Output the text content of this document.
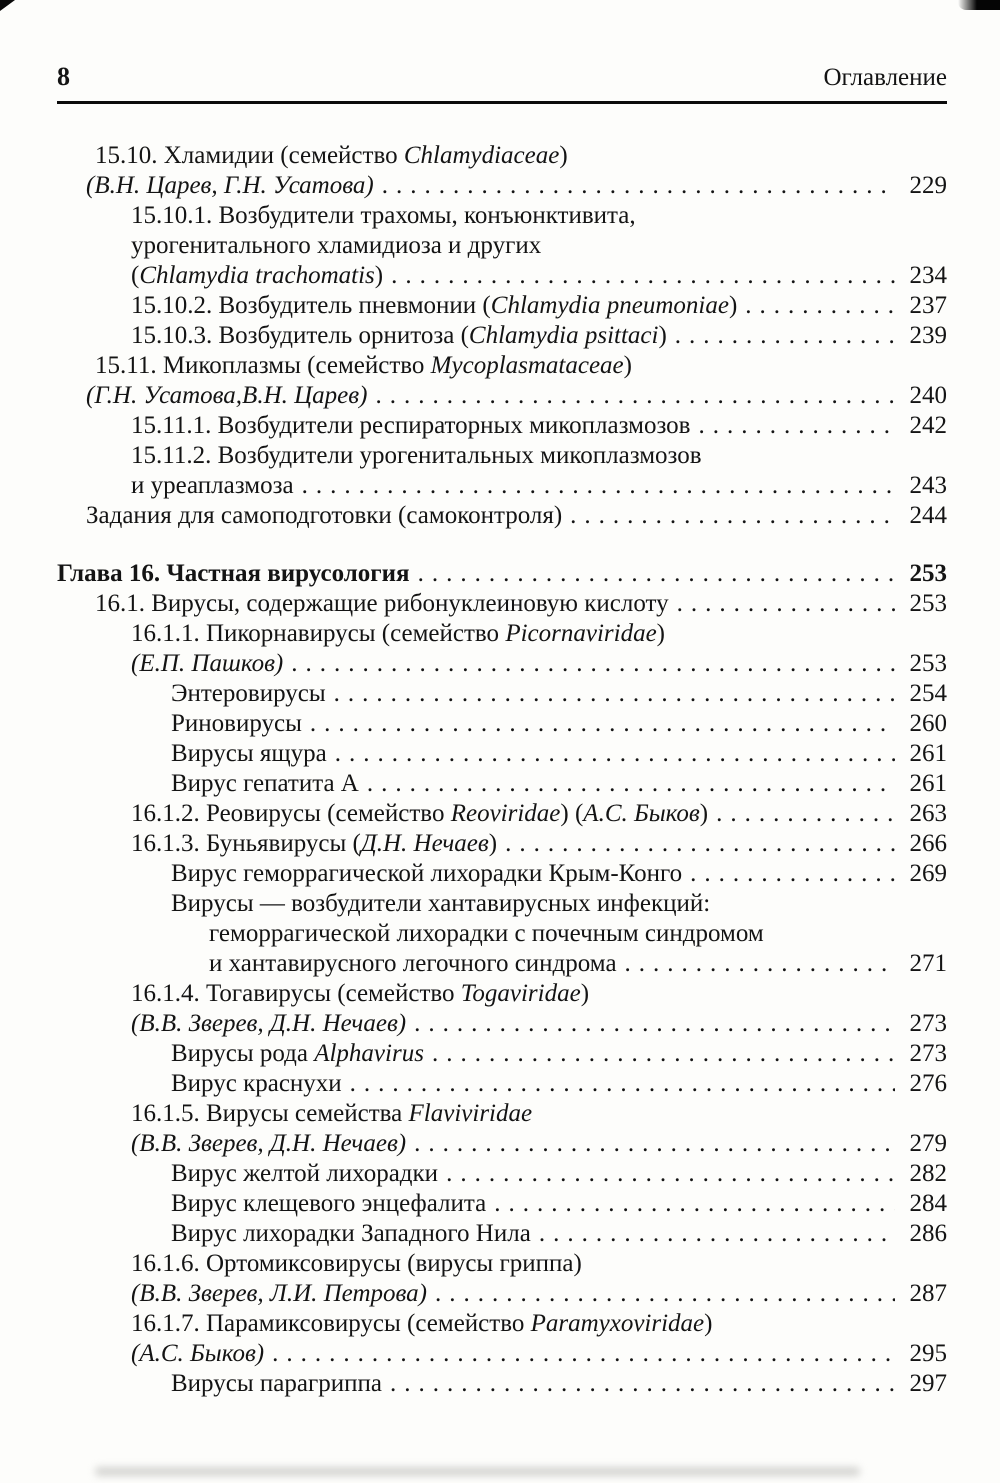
8	Оглавление
15.10. Хламидии (семейство Chlamydiaceae)
(В.Н. Царев, Г.Н. Усатова) .....	229
15.10.1. Возбудители трахомы, конъюнктивита,
урогенитального хламидиоза и других
(Chlamydia trachomatis) .....	234
15.10.2. Возбудитель пневмонии (Chlamydia pneumoniae) .....	237
15.10.3. Возбудитель орнитоза (Chlamydia psittaci) .....	239
15.11. Микоплазмы (семейство Mycoplasmataceae)
(Г.Н. Усатова,В.Н. Царев) .....	240
15.11.1. Возбудители респираторных микоплазмозов .....	242
15.11.2. Возбудители урогенитальных микоплазмозов
и уреаплазмоза .....	243
Задания для самоподготовки (самоконтроля) .....	244
Глава 16. Частная вирусология .....	253
16.1. Вирусы, содержащие рибонуклеиновую кислоту .....	253
16.1.1. Пикорнавирусы (семейство Picornaviridae)
(Е.П. Пашков) .....	253
Энтеровирусы .....	254
Риновирусы .....	260
Вирусы ящура .....	261
Вирус гепатита А .....	261
16.1.2. Реовирусы (семейство Reoviridae) (А.С. Быков) .....	263
16.1.3. Буньявирусы (Д.Н. Нечаев) .....	266
Вирус геморрагической лихорадки Крым-Конго .....	269
Вирусы — возбудители хантавирусных инфекций:
геморрагической лихорадки с почечным синдромом
и хантавирусного легочного синдрома .....	271
16.1.4. Тогавирусы (семейство Togaviridae)
(В.В. Зверев, Д.Н. Нечаев) .....	273
Вирусы рода Alphavirus .....	273
Вирус краснухи .....	276
16.1.5. Вирусы семейства Flaviviridae
(В.В. Зверев, Д.Н. Нечаев) .....	279
Вирус желтой лихорадки .....	282
Вирус клещевого энцефалита .....	284
Вирус лихорадки Западного Нила .....	286
16.1.6. Ортомиксовирусы (вирусы гриппа)
(В.В. Зверев, Л.И. Петрова) .....	287
16.1.7. Парамиксовирусы (семейство Paramyxoviridae)
(А.С. Быков) .....	295
Вирусы парагриппа .....	297
